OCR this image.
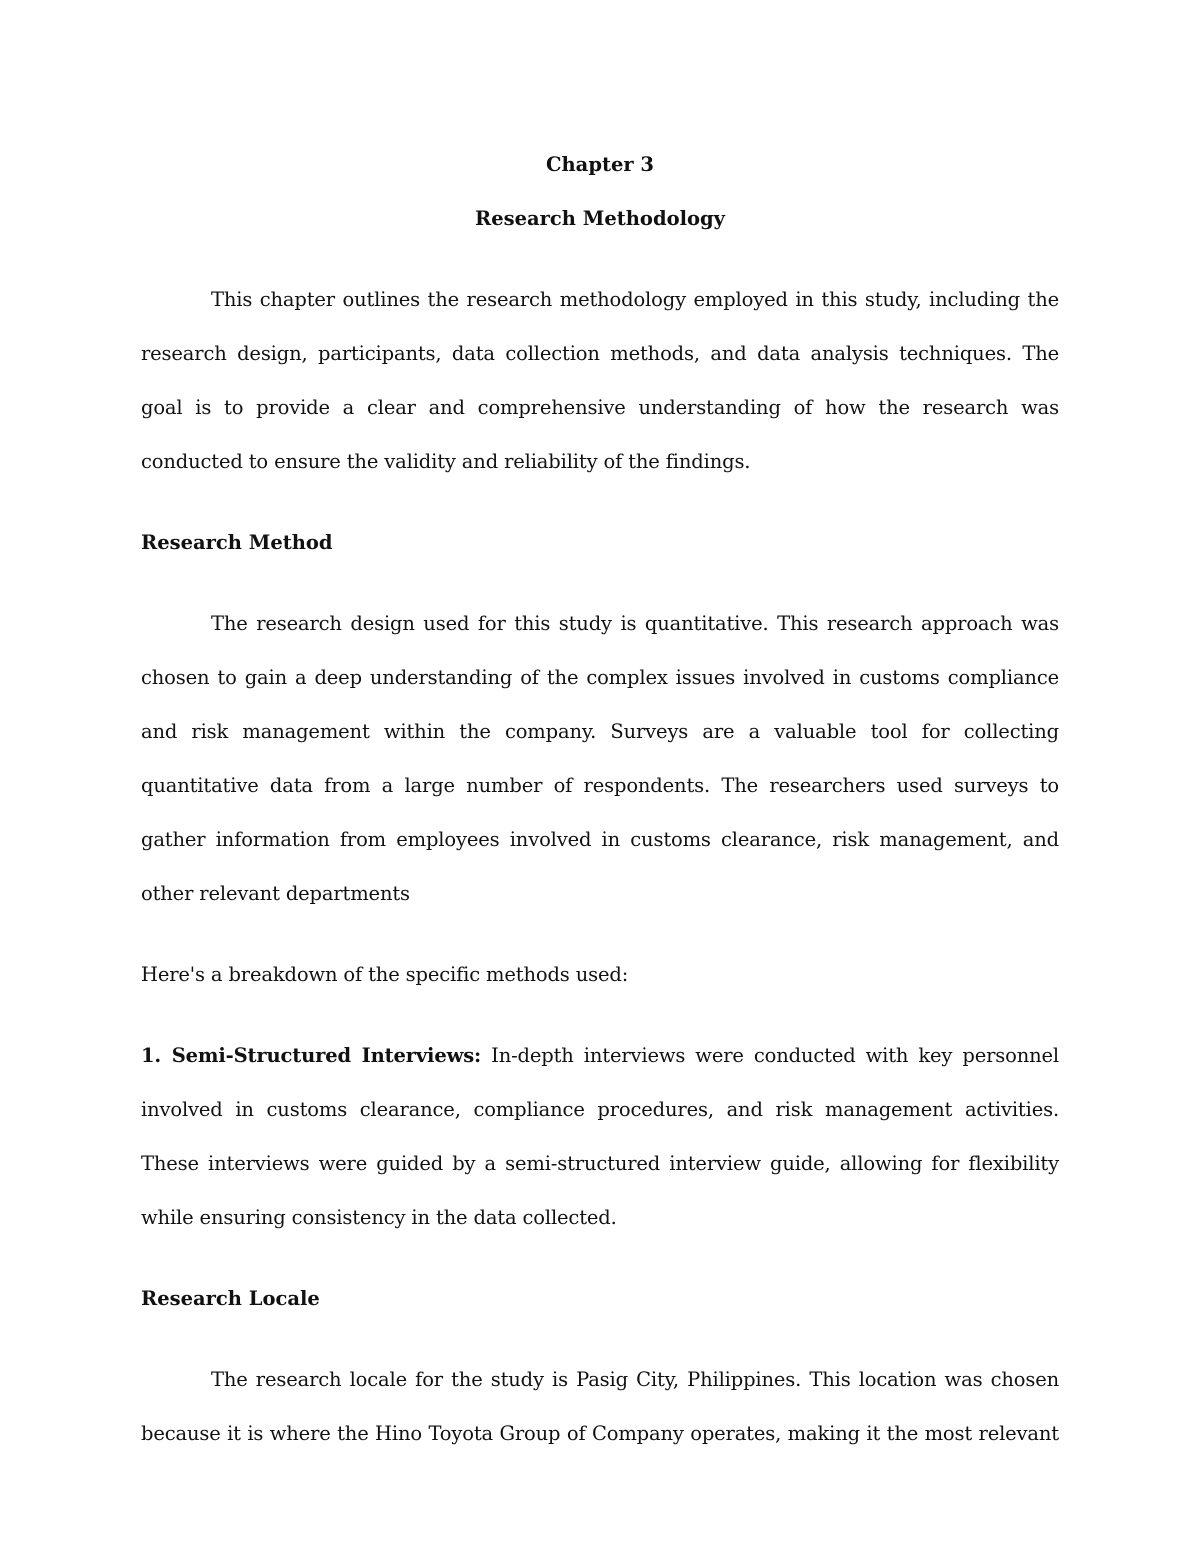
Chapter 3

Research Methodology

This chapter outlines the research methodology employed in this study, including the research design, participants, data collection methods, and data analysis techniques. The goal is to provide a clear and comprehensive understanding of how the research was conducted to ensure the validity and reliability of the findings.

Research Method

The research design used for this study is quantitative. This research approach was chosen to gain a deep understanding of the complex issues involved in customs compliance and risk management within the company. Surveys are a valuable tool for collecting quantitative data from a large number of respondents. The researchers used surveys to gather information from employees involved in customs clearance, risk management, and other relevant departments

Here's a breakdown of the specific methods used:

1. Semi-Structured Interviews: In-depth interviews were conducted with key personnel involved in customs clearance, compliance procedures, and risk management activities. These interviews were guided by a semi-structured interview guide, allowing for flexibility while ensuring consistency in the data collected.

Research Locale

The research locale for the study is Pasig City, Philippines. This location was chosen because it is where the Hino Toyota Group of Company operates, making it the most relevant
